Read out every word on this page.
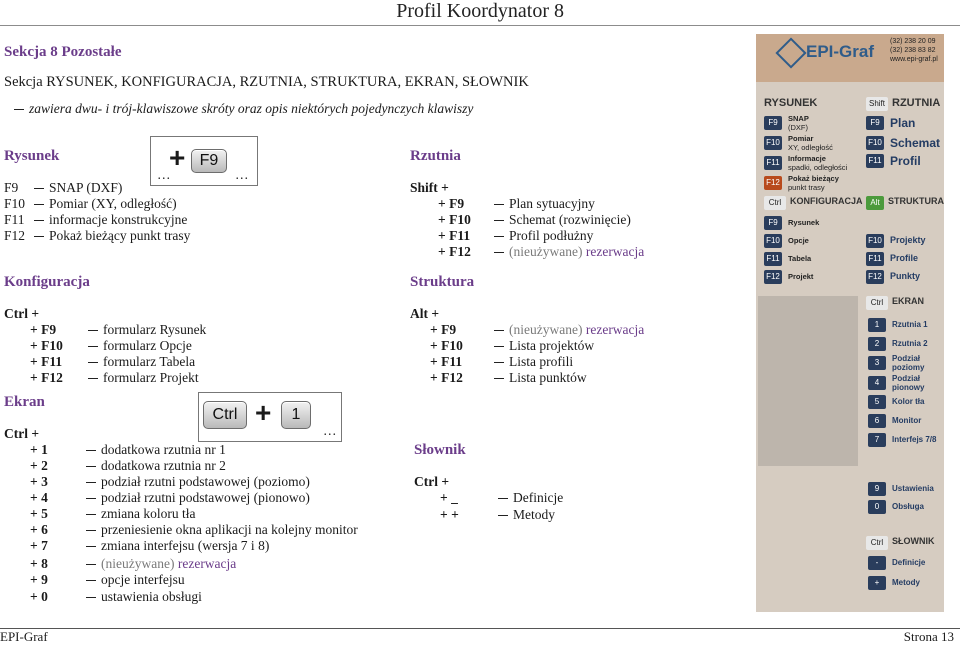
Profil Koordynator 8
Sekcja 8 Pozostałe
Sekcja RYSUNEK, KONFIGURACJA, RZUTNIA, STRUKTURA, EKRAN, SŁOWNIK
zawiera dwu- i trój-klawiszowe skróty oraz opis niektórych pojedynczych klawiszy
Rysunek	+ F9
…	…
F9 SNAP (DXF)
F10 Pomiar (XY, odległość)
F11 informacje konstrukcyjne
F12 Pokaż bieżący punkt trasy
Rzutnia
Shift +
+ F9	Plan sytuacyjny
+ F10	Schemat (rozwinięcie)
+ F11	Profil podłużny
+ F12	(nieużywane) rezerwacja
Konfiguracja
Ctrl +
+ F9	formularz Rysunek
+ F10	formularz Opcje
+ F11	formularz Tabela
+ F12	formularz Projekt
Struktura
Alt +
+ F9	(nieużywane) rezerwacja
+ F10	Lista projektów
+ F11	Lista profili
+ F12	Lista punktów
Ekran
Ctrl +	1
…
Ctrl +
+ 1	dodatkowa rzutnia nr 1
+ 2	dodatkowa rzutnia nr 2
+ 3	podział rzutni podstawowej (poziomo)
+ 4	podział rzutni podstawowej (pionowo)
+ 5	zmiana koloru tła
+ 6	przeniesienie okna aplikacji na kolejny monitor
+ 7	zmiana interfejsu (wersja 7 i 8)
+ 8	(nieużywane) rezerwacja
+ 9	opcje interfejsu
+ 0	ustawienia obsługi
Słownik
Ctrl +
+ _	Definicje
+ +	Metody
EPI-Graf
(32) 238 20 09
(32) 238 83 82
www.epi-graf.pl
RYSUNEK	Shift RZUTNIA
F9	SNAP
(DXF)
F10 Pomiar
XY, odległość
F11	Informacje
spadki, odległości
F12 Pokaż bieżący
punkt trasy
F9 Plan
F10 Schemat
F11 Profil
Ctrl KONFIGURACJA Alt STRUKTURA
F9	Rysunek
F10 Opcje
F11	Tabela
F12 Projekt
F10 Projekty
F11 Profile
F12 Punkty
Ctrl EKRAN
1	Rzutnia 1
2	Rzutnia 2
3	Podział poziomy
4	Podział pionowy
5	Kolor tła
6	Monitor
7	Interfejs 7/8
9	Ustawienia
0	Obsługa
Ctrl SŁOWNIK
-	Definicje
+	Metody
EPI-Graf	Strona 13
